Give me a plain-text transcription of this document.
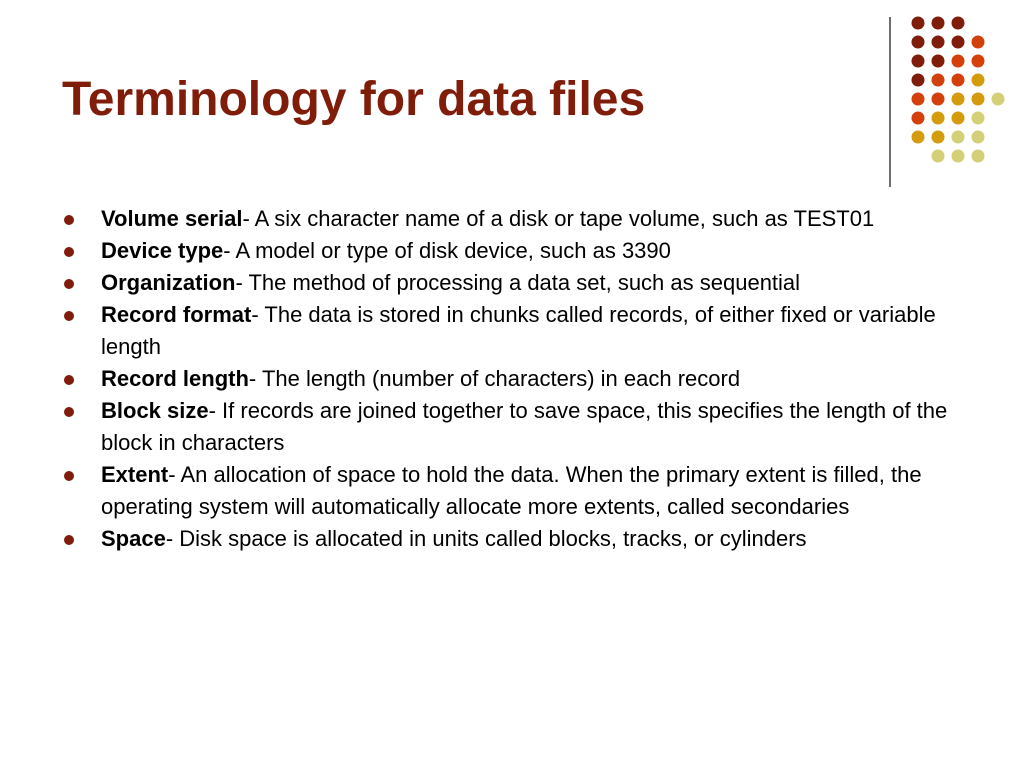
Terminology for data files
Volume serial- A six character name of a disk or tape volume, such as TEST01
Device type- A model or type of disk device, such as 3390
Organization- The method of processing a data set, such as sequential
Record format- The data is stored in chunks called records, of either fixed or variable length
Record length- The length (number of characters) in each record
Block size- If records are joined together to save space, this specifies the length of the block in characters
Extent- An allocation of space to hold the data. When the primary extent is filled, the operating system will automatically allocate more extents, called secondaries
Space- Disk space is allocated in units called blocks, tracks, or cylinders
